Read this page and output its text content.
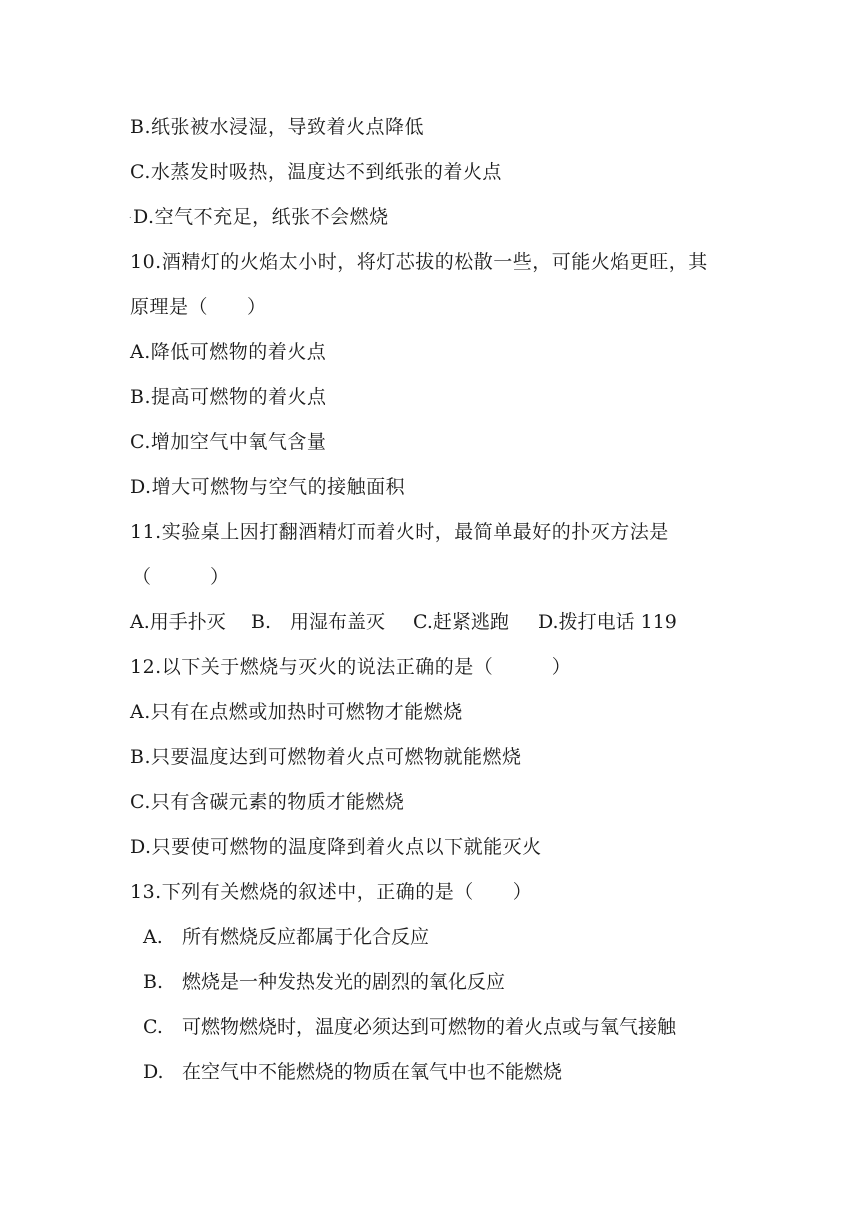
B.纸张被水浸湿，导致着火点降低
C.水蒸发时吸热，温度达不到纸张的着火点
. D.空气不充足，纸张不会燃烧
10.酒精灯的火焰太小时，将灯芯拔的松散一些，可能火焰更旺，其
原理是（　　）
A.降低可燃物的着火点
B.提高可燃物的着火点
C.增加空气中氧气含量
D.增大可燃物与空气的接触面积
11.实验桌上因打翻酒精灯而着火时，最简单最好的扑灭方法是
（　　　）

A.用手扑灭

B.　用湿布盖灭

C.赶紧逃跑

D.拨打电话 119

12.以下关于燃烧与灭火的说法正确的是（　　　）
A.只有在点燃或加热时可燃物才能燃烧
B.只要温度达到可燃物着火点可燃物就能燃烧
C.只有含碳元素的物质才能燃烧
D.只要使可燃物的温度降到着火点以下就能灭火
13.下列有关燃烧的叙述中，正确的是（　　）

A.

所有燃烧反应都属于化合反应

B.

燃烧是一种发热发光的剧烈的氧化反应

C.

可燃物燃烧时，温度必须达到可燃物的着火点或与氧气接触

D.

在空气中不能燃烧的物质在氧气中也不能燃烧
